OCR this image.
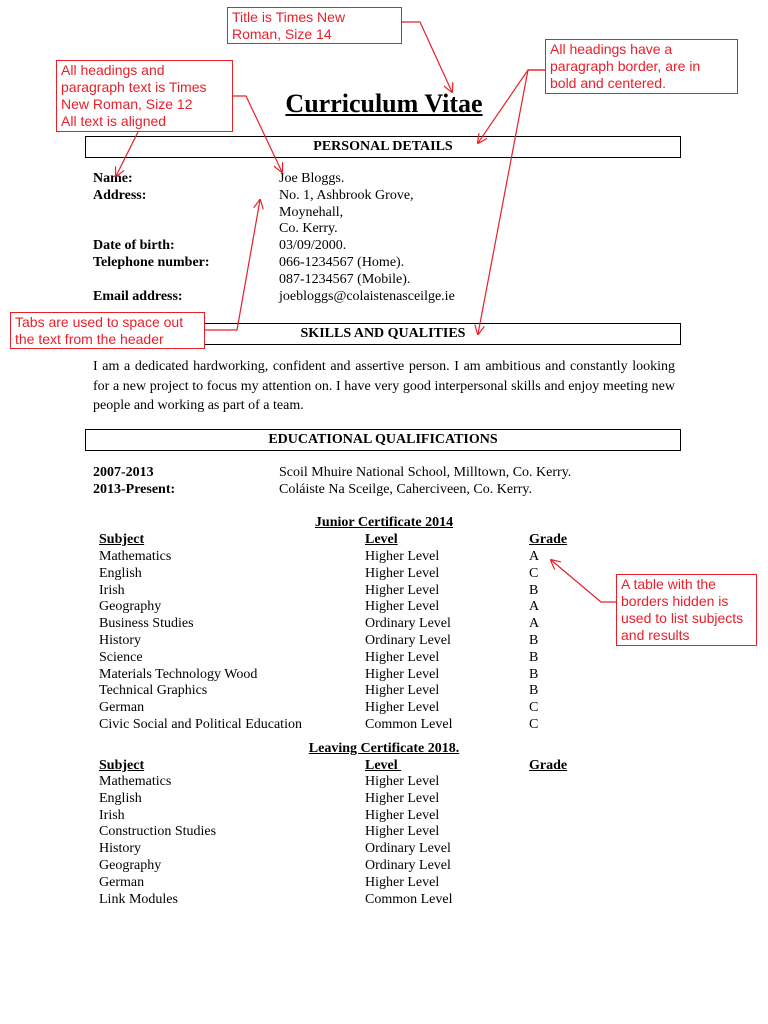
Curriculum Vitae
PERSONAL DETAILS
Name:	Joe Bloggs.
Address:	No. 1, Ashbrook Grove,
Moynehall,
Co. Kerry.
Date of birth:	03/09/2000.
Telephone number:	066-1234567 (Home).
087-1234567 (Mobile).
Email address:	joebloggs@colaistenasceilge.ie
SKILLS AND QUALITIES
I am a dedicated hardworking, confident and assertive person. I am ambitious and constantly looking for a new project to focus my attention on. I have very good interpersonal skills and enjoy meeting new people and working as part of a team.
EDUCATIONAL QUALIFICATIONS
2007-2013	Scoil Mhuire National School, Milltown, Co. Kerry.
2013-Present:	Coláiste Na Sceilge, Caherciveen, Co. Kerry.
Junior Certificate 2014
Subject	Level	Grade
Mathematics	Higher Level	A
English	Higher Level	C
Irish	Higher Level	B
Geography	Higher Level	A
Business Studies	Ordinary Level	A
History	Ordinary Level	B
Science	Higher Level	B
Materials Technology Wood	Higher Level	B
Technical Graphics	Higher Level	B
German	Higher Level	C
Civic Social and Political Education	Common Level	C
Leaving Certificate 2018.
Subject	Level	Grade
Mathematics	Higher Level
English	Higher Level
Irish	Higher Level
Construction Studies	Higher Level
History	Ordinary Level
Geography	Ordinary Level
German	Higher Level
Link Modules	Common Level
Title is Times New
Roman, Size 14
All headings and
paragraph text is Times
New Roman, Size 12
All text is aligned
All headings have a
paragraph border, are in
bold and centered.
Tabs are used to space out
the text from the header
A table with the
borders hidden is
used to list subjects
and results
